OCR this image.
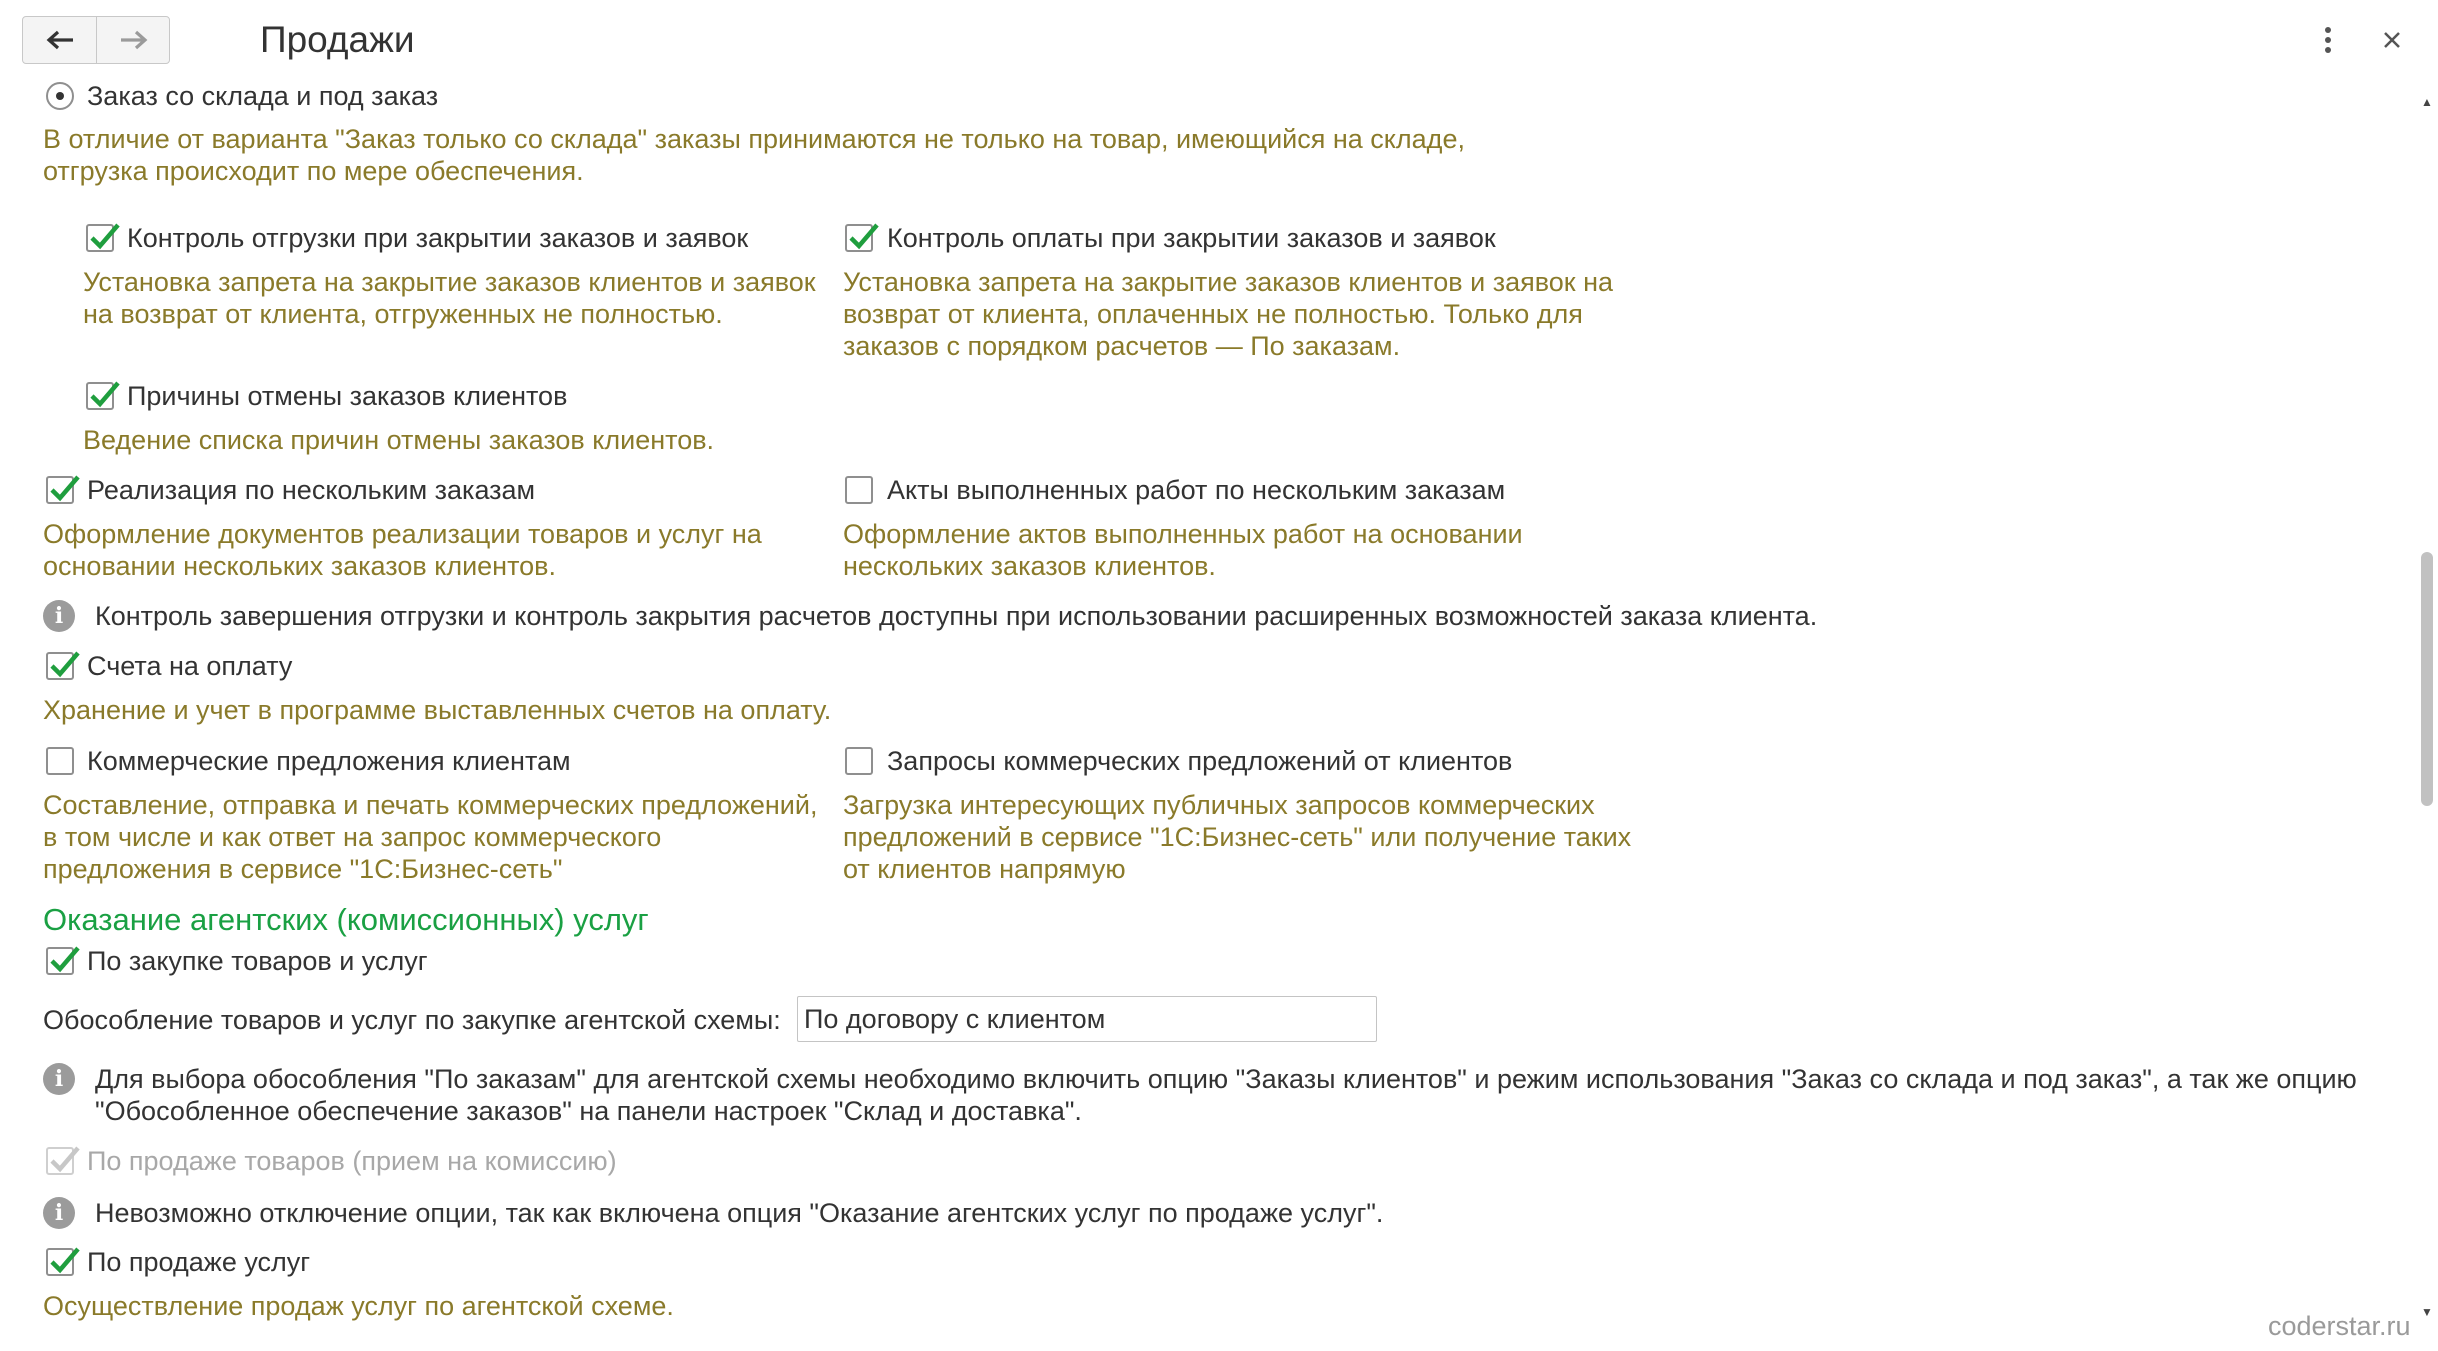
Продажи
Заказ со склада и под заказ
В отличие от варианта "Заказ только со склада" заказы принимаются не только на товар, имеющийся на складе,
отгрузка происходит по мере обеспечения.
Контроль отгрузки при закрытии заказов и заявок
Установка запрета на закрытие заказов клиентов и заявок
на возврат от клиента, отгруженных не полностью.
Контроль оплаты при закрытии заказов и заявок
Установка запрета на закрытие заказов клиентов и заявок на
возврат от клиента, оплаченных не полностью. Только для
заказов с порядком расчетов — По заказам.
Причины отмены заказов клиентов
Ведение списка причин отмены заказов клиентов.
Реализация по нескольким заказам
Оформление документов реализации товаров и услуг на
основании нескольких заказов клиентов.
Акты выполненных работ по нескольким заказам
Оформление актов выполненных работ на основании
нескольких заказов клиентов.
i	Контроль завершения отгрузки и контроль закрытия расчетов доступны при использовании расширенных возможностей заказа клиента.
Счета на оплату
Хранение и учет в программе выставленных счетов на оплату.
Коммерческие предложения клиентам
Составление, отправка и печать коммерческих предложений,
в том числе и как ответ на запрос коммерческого
предложения в сервисе "1С:Бизнес-сеть"
Запросы коммерческих предложений от клиентов
Загрузка интересующих публичных запросов коммерческих
предложений в сервисе "1С:Бизнес-сеть" или получение таких
от клиентов напрямую
Оказание агентских (комиссионных) услуг
По закупке товаров и услуг
Обособление товаров и услуг по закупке агентской схемы: По договору с клиентом
i	Для выбора обособления "По заказам" для агентской схемы необходимо включить опцию "Заказы клиентов" и режим использования "Заказ со склада и под заказ", а так же опцию
"Обособленное обеспечение заказов" на панели настроек "Склад и доставка".
По продаже товаров (прием на комиссию)
i	Невозможно отключение опции, так как включена опция "Оказание агентских услуг по продаже услуг".
По продаже услуг
Осуществление продаж услуг по агентской схеме.
▲
▼
coderstar.ru
